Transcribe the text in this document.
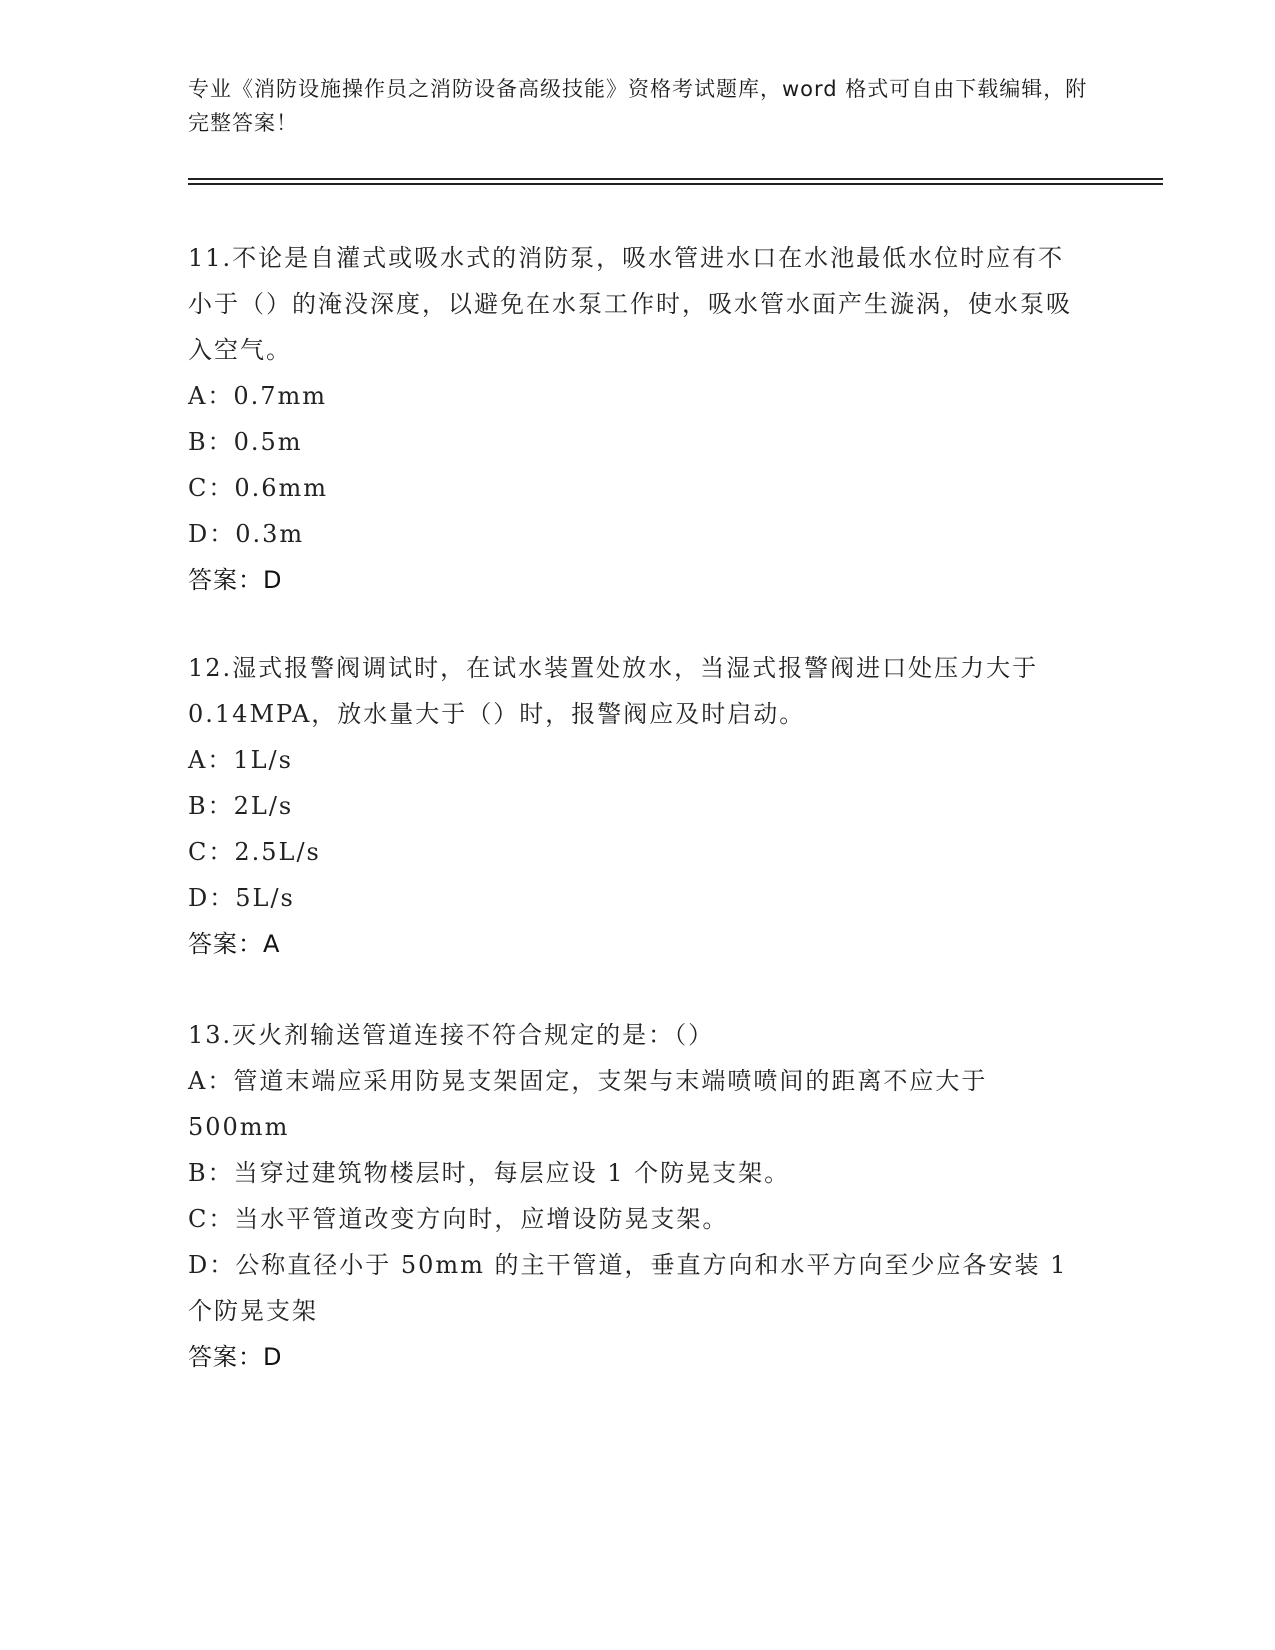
专业《消防设施操作员之消防设备高级技能》资格考试题库，word 格式可自由下载编辑，附完整答案！
11.不论是自灌式或吸水式的消防泵，吸水管进水口在水池最低水位时应有不小于（）的淹没深度，以避免在水泵工作时，吸水管水面产生漩涡，使水泵吸入空气。
A：0.7mm
B：0.5m
C：0.6mm
D：0.3m
答案：D
12.湿式报警阀调试时，在试水装置处放水，当湿式报警阀进口处压力大于0.14MPA，放水量大于（）时，报警阀应及时启动。
A：1L/s
B：2L/s
C：2.5L/s
D：5L/s
答案：A
13.灭火剂输送管道连接不符合规定的是：（）
A：管道末端应采用防晃支架固定，支架与末端喷喷间的距离不应大于500mm
B：当穿过建筑物楼层时，每层应设 1 个防晃支架。
C：当水平管道改变方向时，应增设防晃支架。
D：公称直径小于 50mm 的主干管道，垂直方向和水平方向至少应各安装 1 个防晃支架
答案：D
